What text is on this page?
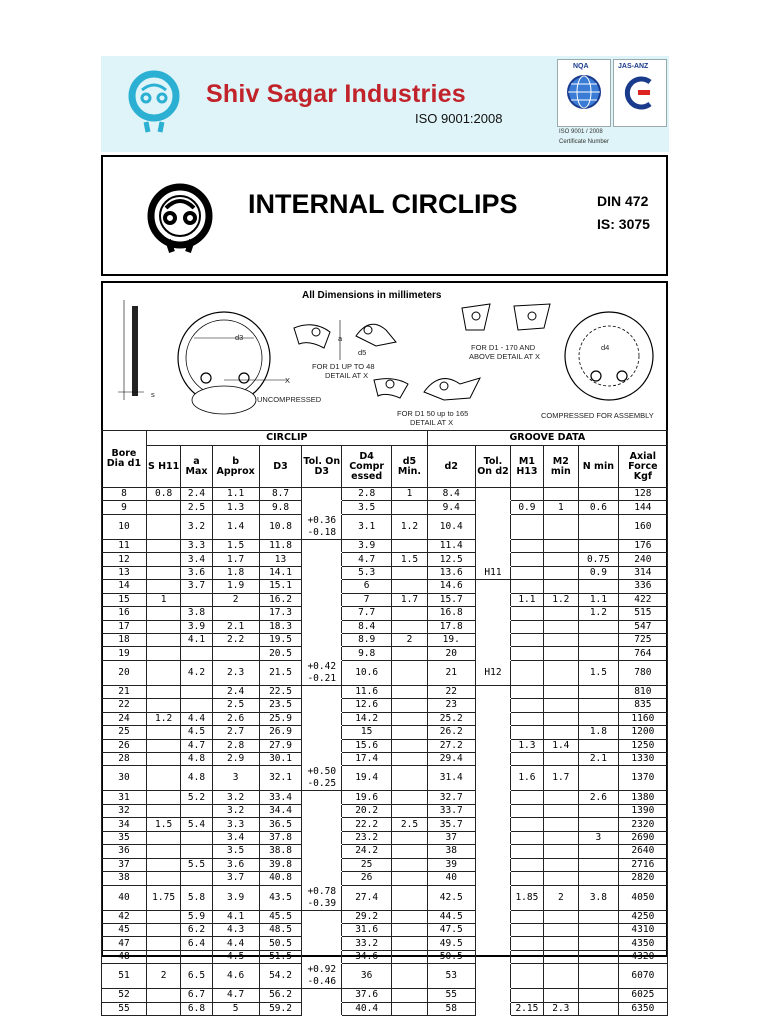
Shiv Sagar Industries
ISO 9001:2008
NQA	JAS-ANZ
ISO 9001 / 2008
Certificate Number
INTERNAL CIRCLIPS	DIN 472
IS: 3075
All Dimensions in millimeters
d3
d4
d5
a
s
X
UNCOMPRESSED
FOR D1 UP TO 48
DETAIL AT X
FOR D1 50 up to 165
DETAIL AT X
FOR D1 - 170 AND
ABOVE DETAIL AT X
COMPRESSED FOR ASSEMBLY
Bore Dia d1	CIRCLIP							GROOVE DATA					
	S H11	a Max	b Approx	D3	Tol. On D3	D4 Compr essed	d5 Min.	d2	Tol. On d2	M1 H13	M2 min	N min	Axial Force Kgf
8	0.8	2.4	1.1	8.7		2.8	1	8.4					128
9		2.5	1.3	9.8		3.5		9.4		0.9	1	0.6	144
10		3.2	1.4	10.8	+0.36 -0.18	3.1	1.2	10.4					160
11		3.3	1.5	11.8		3.9		11.4					176
12		3.4	1.7	13		4.7	1.5	12.5				0.75	240
13		3.6	1.8	14.1		5.3		13.6	H11			0.9	314
14		3.7	1.9	15.1		6		14.6					336
15	1		2	16.2		7	1.7	15.7		1.1	1.2	1.1	422
16		3.8		17.3		7.7		16.8				1.2	515
17		3.9	2.1	18.3		8.4		17.8					547
18		4.1	2.2	19.5		8.9	2	19.					725
19				20.5		9.8		20					764
20		4.2	2.3	21.5	+0.42 -0.21	10.6		21	H12			1.5	780
21			2.4	22.5		11.6		22					810
22			2.5	23.5		12.6		23					835
24	1.2	4.4	2.6	25.9		14.2		25.2					1160
25		4.5	2.7	26.9		15		26.2				1.8	1200
26		4.7	2.8	27.9		15.6		27.2		1.3	1.4		1250
28		4.8	2.9	30.1		17.4		29.4				2.1	1330
30		4.8	3	32.1	+0.50 -0.25	19.4		31.4		1.6	1.7		1370
31		5.2	3.2	33.4		19.6		32.7				2.6	1380
32			3.2	34.4		20.2		33.7					1390
34	1.5	5.4	3.3	36.5		22.2	2.5	35.7					2320
35			3.4	37.8		23.2		37				3	2690
36			3.5	38.8		24.2		38					2640
37		5.5	3.6	39.8		25		39					2716
38			3.7	40.8		26		40					2820
40	1.75	5.8	3.9	43.5	+0.78 -0.39	27.4		42.5		1.85	2	3.8	4050
42		5.9	4.1	45.5		29.2		44.5					4250
45		6.2	4.3	48.5		31.6		47.5					4310
47		6.4	4.4	50.5		33.2		49.5					4350
48			4.5	51.5		34.6		50.5					4320
51	2	6.5	4.6	54.2	+0.92 -0.46	36		53					6070
52		6.7	4.7	56.2		37.6		55					6025
55		6.8	5	59.2		40.4		58		2.15	2.3		6350
